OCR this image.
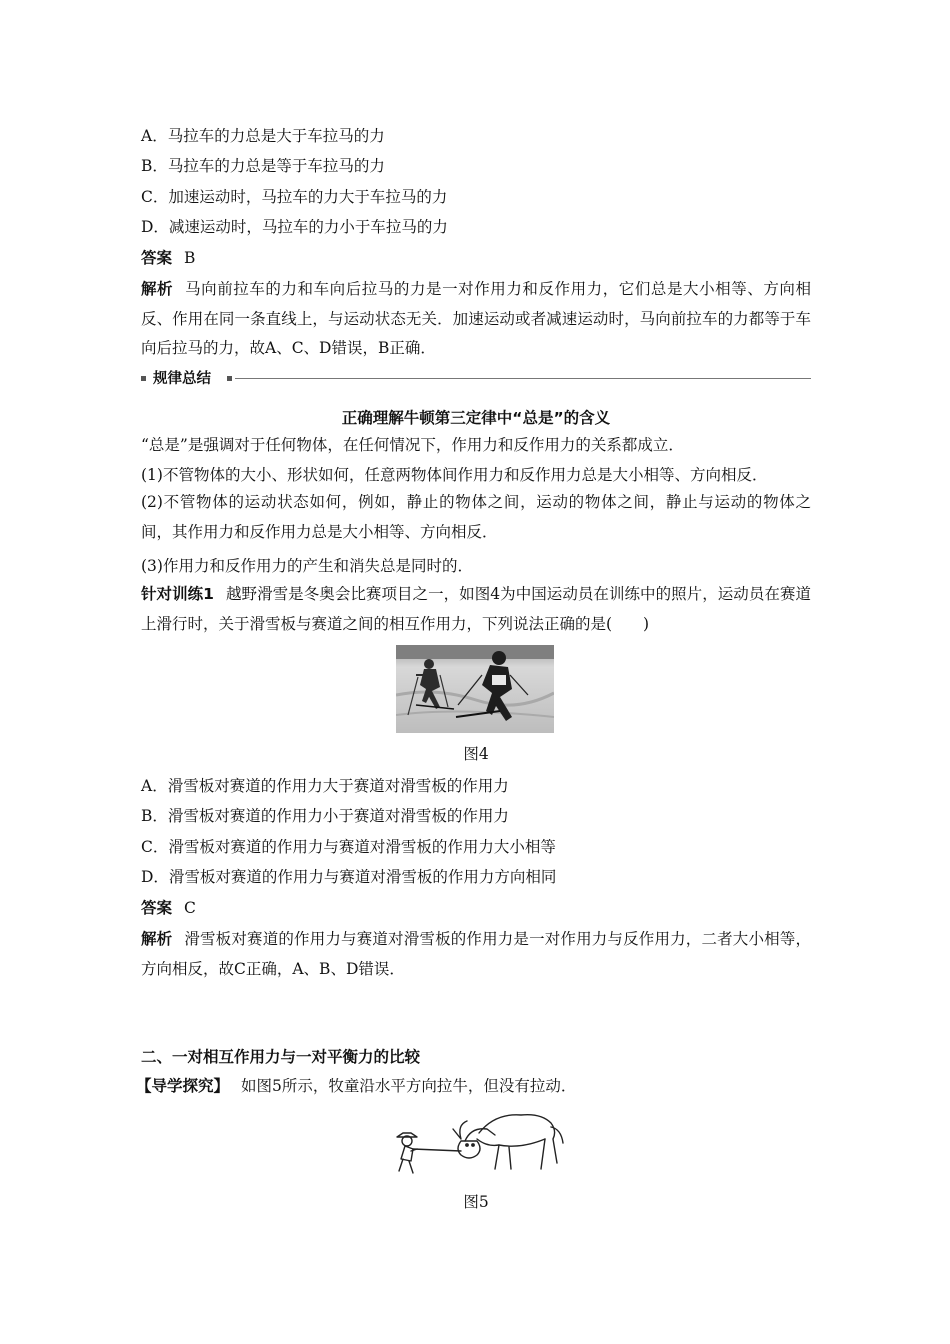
A．马拉车的力总是大于车拉马的力
B．马拉车的力总是等于车拉马的力
C．加速运动时，马拉车的力大于车拉马的力
D．减速运动时，马拉车的力小于车拉马的力
答案 B
解析 马向前拉车的力和车向后拉马的力是一对作用力和反作用力，它们总是大小相等、方向相反、作用在同一条直线上，与运动状态无关．加速运动或者减速运动时，马向前拉车的力都等于车向后拉马的力，故A、C、D错误，B正确．
规律总结
正确理解牛顿第三定律中“总是”的含义
“总是”是强调对于任何物体，在任何情况下，作用力和反作用力的关系都成立．
(1)不管物体的大小、形状如何，任意两物体间作用力和反作用力总是大小相等、方向相反．
(2)不管物体的运动状态如何，例如，静止的物体之间，运动的物体之间，静止与运动的物体之间，其作用力和反作用力总是大小相等、方向相反．
(3)作用力和反作用力的产生和消失总是同时的．
针对训练1 越野滑雪是冬奥会比赛项目之一，如图4为中国运动员在训练中的照片，运动员在赛道上滑行时，关于滑雪板与赛道之间的相互作用力，下列说法正确的是(　　)
图4
A．滑雪板对赛道的作用力大于赛道对滑雪板的作用力
B．滑雪板对赛道的作用力小于赛道对滑雪板的作用力
C．滑雪板对赛道的作用力与赛道对滑雪板的作用力大小相等
D．滑雪板对赛道的作用力与赛道对滑雪板的作用力方向相同
答案 C
解析 滑雪板对赛道的作用力与赛道对滑雪板的作用力是一对作用力与反作用力，二者大小相等，方向相反，故C正确，A、B、D错误．
二、一对相互作用力与一对平衡力的比较
【导学探究】 如图5所示，牧童沿水平方向拉牛，但没有拉动．
图5
